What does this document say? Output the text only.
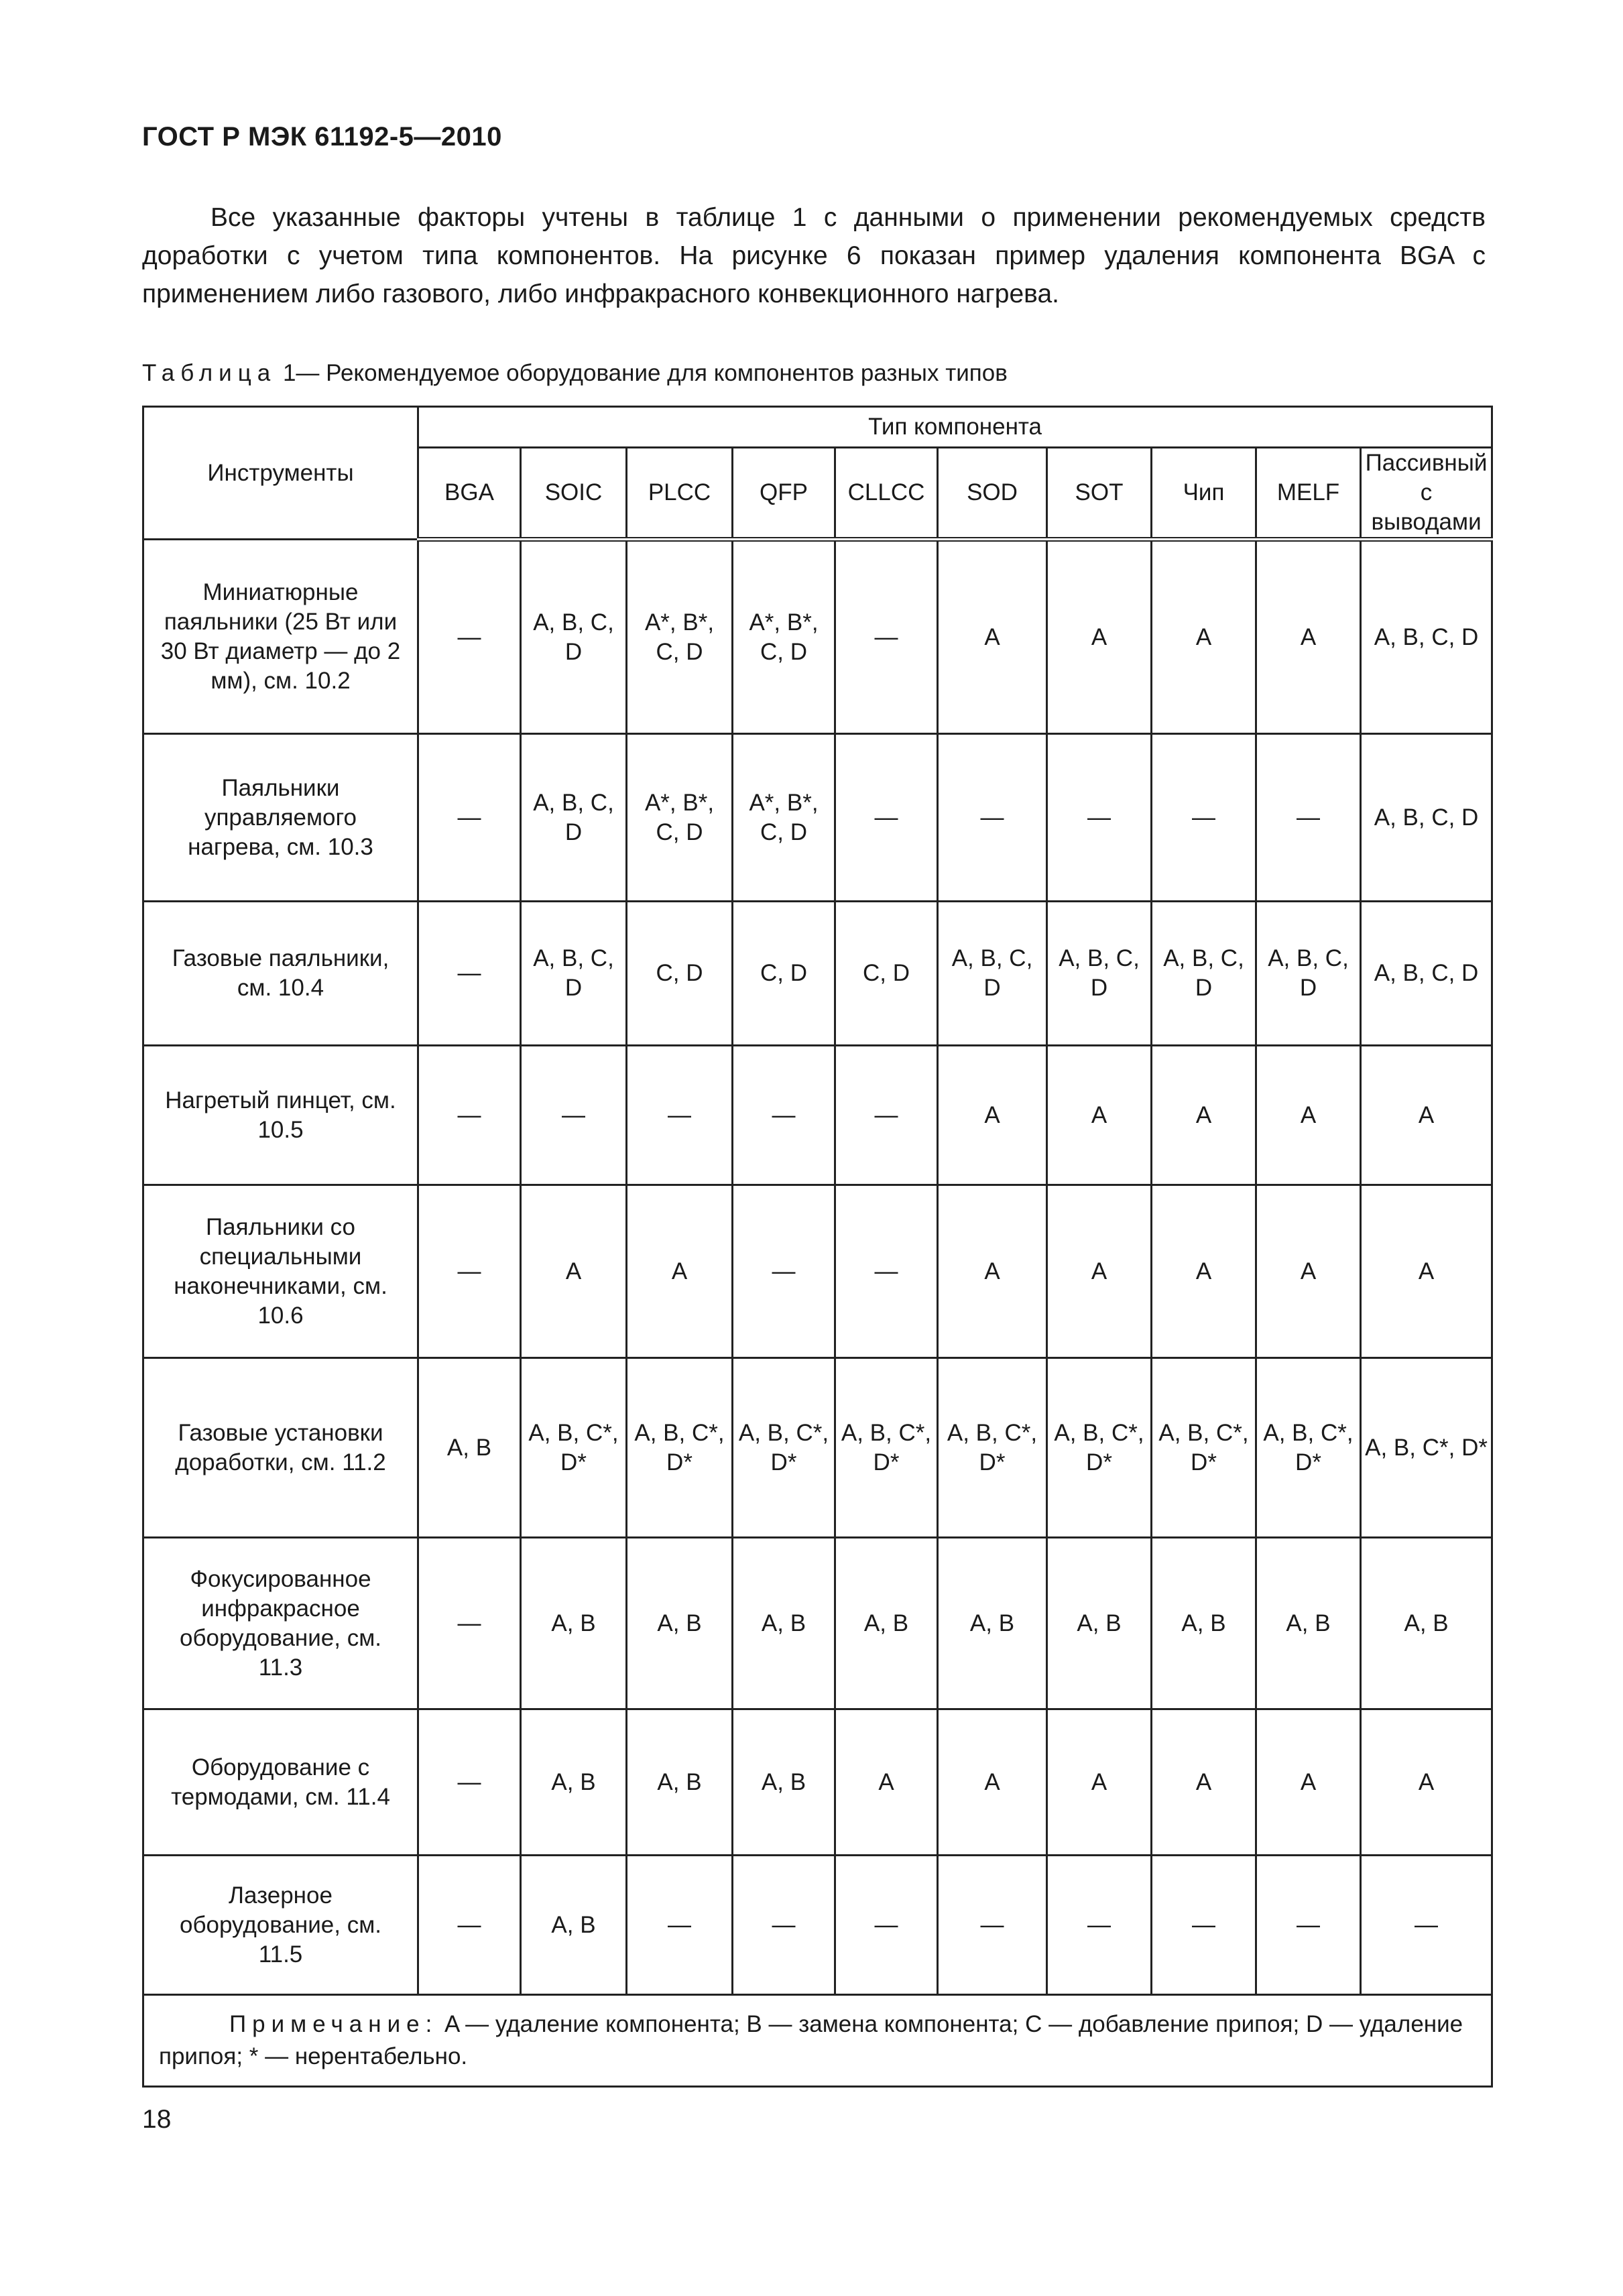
ГОСТ Р МЭК 61192-5—2010

Все указанные факторы учтены в таблице 1 с данными о применении рекомендуемых средств доработки с учетом типа компонентов. На рисунке 6 показан пример удаления компонента BGA с применением либо газового, либо инфракрасного конвекционного нагрева.

Таблица 1— Рекомендуемое оборудование для компонентов разных типов
Инструменты	Тип компонента									
	BGA	SOIC	PLCC	QFP	CLLCC	SOD	SOT	Чип	MELF	Пассивный с выводами
Миниатюрные паяльники (25 Вт или 30 Вт диаметр — до 2 мм), см. 10.2	—	A, B, C, D	A*, B*, C, D	A*, B*, C, D	—	A	A	A	A	A, B, C, D
Паяльники управляемого нагрева, см. 10.3	—	A, B, C, D	A*, B*, C, D	A*, B*, C, D	—	—	—	—	—	A, B, C, D
Газовые паяльники, см. 10.4	—	A, B, C, D	C, D	C, D	C, D	A, B, C, D	A, B, C, D	A, B, C, D	A, B, C, D	A, B, C, D
Нагретый пинцет, см. 10.5	—	—	—	—	—	A	A	A	A	A
Паяльники со специальными наконечниками, см. 10.6	—	A	A	—	—	A	A	A	A	A
Газовые установки доработки, см. 11.2	A, B	A, B, C*, D*	A, B, C*, D*	A, B, C*, D*	A, B, C*, D*	A, B, C*, D*	A, B, C*, D*	A, B, C*, D*	A, B, C*, D*	A, B, C*, D*
Фокусированное инфракрасное оборудование, см. 11.3	—	A, B	A, B	A, B	A, B	A, B	A, B	A, B	A, B	A, B
Оборудование с термодами, см. 11.4	—	A, B	A, B	A, B	A	A	A	A	A	A
Лазерное оборудование, см. 11.5	—	A, B	—	—	—	—	—	—	—	—

Примечание: A — удаление компонента; B — замена компонента; C — добавление припоя; D — удаление припоя; * — нерентабельно.										
18
